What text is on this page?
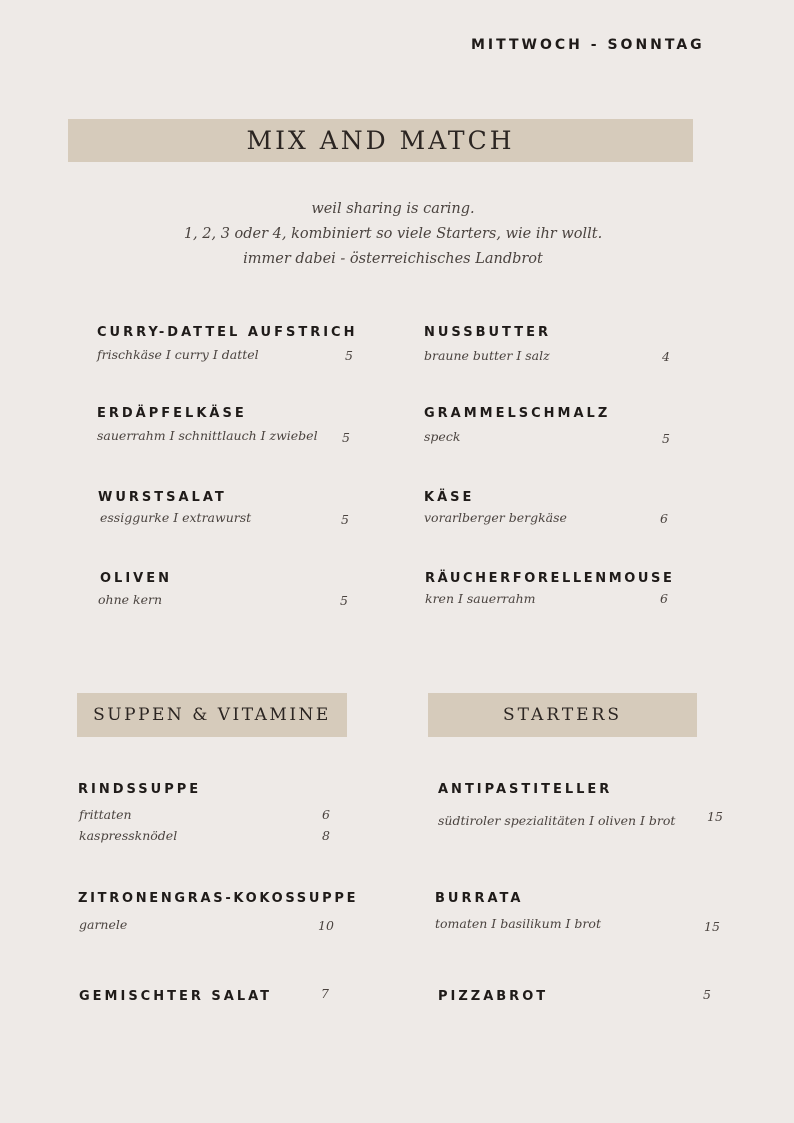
MITTWOCH - SONNTAG
MIX AND MATCH
weil sharing is caring.
1, 2, 3 oder 4, kombiniert so viele Starters, wie ihr wollt.
immer dabei - österreichisches Landbrot
CURRY-DATTEL AUFSTRICH
frischkäse I curry I dattel	5
ERDÄPFELKÄSE
sauerrahm I schnittlauch I zwiebel 5
WURSTSALAT
essiggurke I extrawurst	5
OLIVEN
ohne kern	5
NUSSBUTTER
braune butter I salz	4
GRAMMELSCHMALZ
speck	5
KÄSE
vorarlberger bergkäse	6
RÄUCHERFORELLENMOUSE
kren I sauerrahm	6
SUPPEN & VITAMINE	STARTERS
RINDSSUPPE
frittaten	6
kaspressknödel	8
ZITRONENGRAS-KOKOSSUPPE
garnele	10
GEMISCHTER SALAT	7
ANTIPASTITELLER
südtiroler spezialitäten I oliven I brot	15
BURRATA
tomaten I basilikum I brot	15
PIZZABROT	5
